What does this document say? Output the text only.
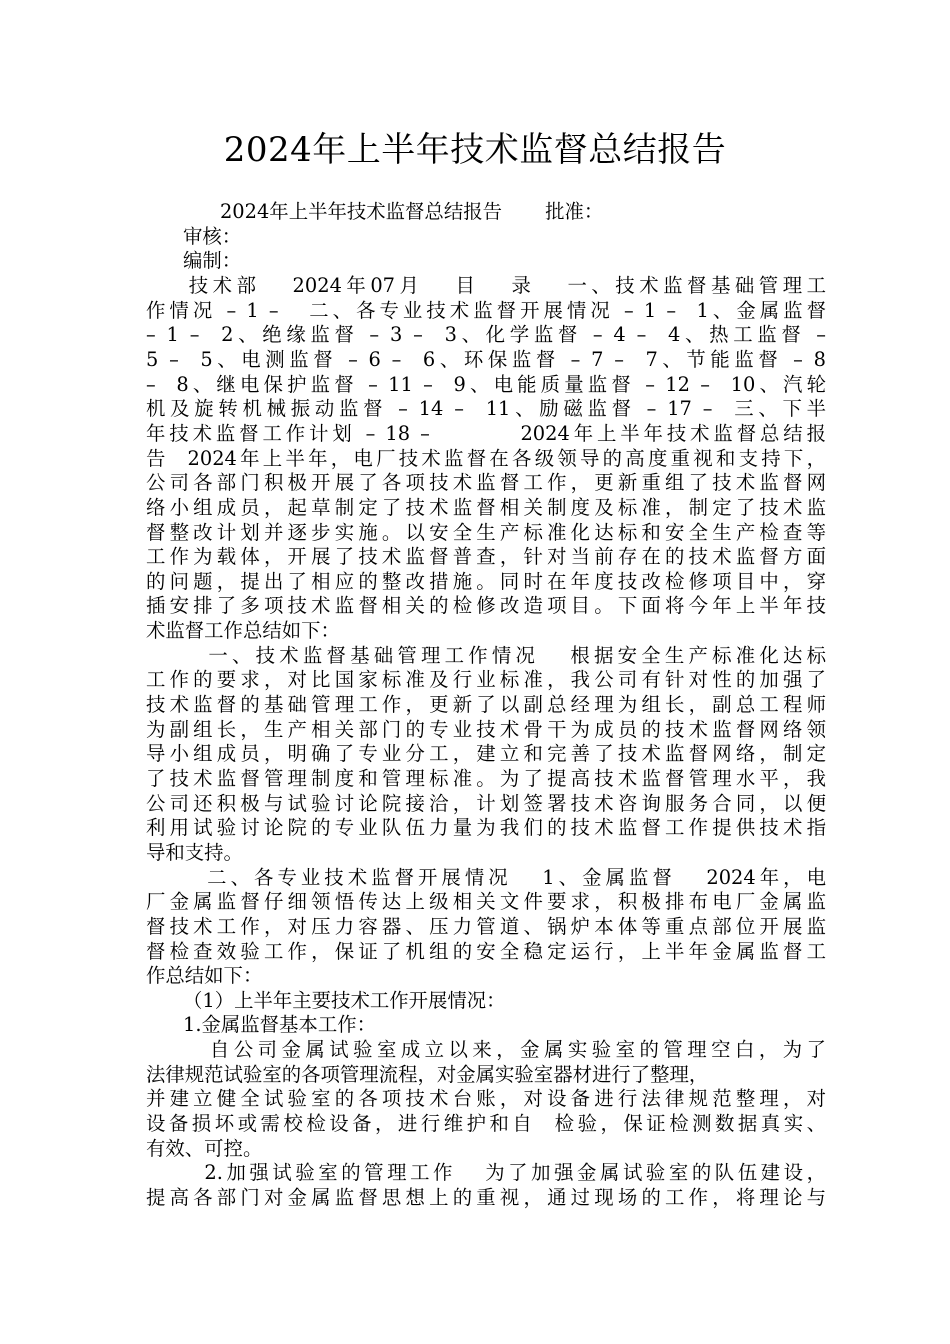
2024年上半年技术监督总结报告
2024年上半年技术监督总结报告       批准：
审核：
编制：
技术部   2024年07月   目   录   一、技术监督基础管理工
作情况 – 1 –   二、各专业技术监督开展情况 – 1 –  1、金属监督
– 1 –  2、绝缘监督 – 3 –  3、化学监督 – 4 –  4、热工监督 –
5 –  5、电测监督 – 6 –  6、环保监督 – 7 –  7、节能监督 – 8
–  8、继电保护监督 – 11 –  9、电能质量监督 – 12 –  10、汽轮
机及旋转机械振动监督 – 14 –  11、励磁监督 – 17 –  三、下半
年技术监督工作计划 – 18 –         2024年上半年技术监督总结报
告  2024年上半年，电厂技术监督在各级领导的高度重视和支持下，
公司各部门积极开展了各项技术监督工作，更新重组了技术监督网
络小组成员，起草制定了技术监督相关制度及标准，制定了技术监
督整改计划并逐步实施。以安全生产标准化达标和安全生产检查等
工作为载体，开展了技术监督普查，针对当前存在的技术监督方面
的问题，提出了相应的整改措施。同时在年度技改检修项目中，穿
插安排了多项技术监督相关的检修改造项目。下面将今年上半年技
术监督工作总结如下：
一、技术监督基础管理工作情况   根据安全生产标准化达标
工作的要求，对比国家标准及行业标准，我公司有针对性的加强了
技术监督的基础管理工作，更新了以副总经理为组长，副总工程师
为副组长，生产相关部门的专业技术骨干为成员的技术监督网络领
导小组成员，明确了专业分工，建立和完善了技术监督网络，制定
了技术监督管理制度和管理标准。为了提高技术监督管理水平，我
公司还积极与试验讨论院接洽，计划签署技术咨询服务合同，以便
利用试验讨论院的专业队伍力量为我们的技术监督工作提供技术指
导和支持。
二、各专业技术监督开展情况   1、金属监督   2024年，电
厂金属监督仔细领悟传达上级相关文件要求，积极排布电厂金属监
督技术工作，对压力容器、压力管道、锅炉本体等重点部位开展监
督检查效验工作，保证了机组的安全稳定运行，上半年金属监督工
作总结如下：
（1）上半年主要技术工作开展情况：
1.金属监督基本工作：
自公司金属试验室成立以来，金属实验室的管理空白，为了
法律规范试验室的各项管理流程，对金属实验室器材进行了整理，
并建立健全试验室的各项技术台账，对设备进行法律规范整理，对
设备损坏或需校检设备，进行维护和自  检验，保证检测数据真实、
有效、可控。
2.加强试验室的管理工作   为了加强金属试验室的队伍建设，
提高各部门对金属监督思想上的重视，通过现场的工作，将理论与
